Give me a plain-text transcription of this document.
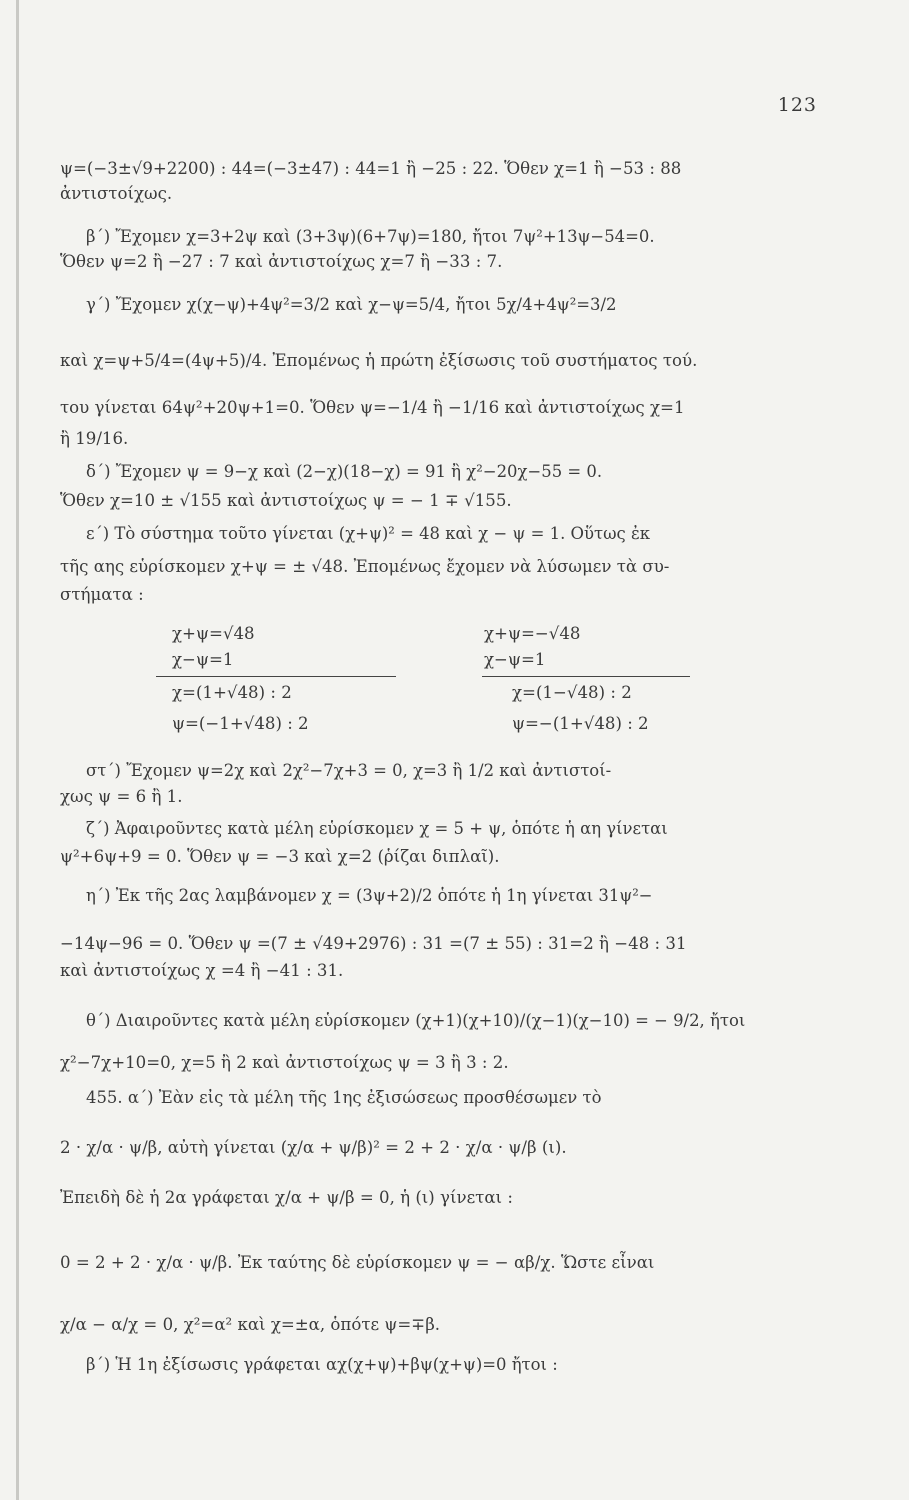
123
ψ=(−3±√9+2200) : 44=(−3±47) : 44=1 ἢ −25 : 22. Ὅθεν χ=1 ἢ −53 : 88
ἀντιστοίχως.
β΄) Ἔχομεν χ=3+2ψ καὶ (3+3ψ)(6+7ψ)=180, ἤτοι 7ψ²+13ψ−54=0.
Ὅθεν ψ=2 ἢ −27 : 7 καὶ ἀντιστοίχως χ=7 ἢ −33 : 7.
γ΄) Ἔχομεν χ(χ−ψ)+4ψ²=3/2 καὶ χ−ψ=5/4, ἤτοι 5χ/4+4ψ²=3/2
καὶ χ=ψ+5/4=(4ψ+5)/4. Ἐπομένως ἡ πρώτη ἐξίσωσις τοῦ συστήματος τού.
του γίνεται 64ψ²+20ψ+1=0. Ὅθεν ψ=−1/4 ἢ −1/16 καὶ ἀντιστοίχως χ=1
ἢ 19/16.
δ΄) Ἔχομεν ψ = 9−χ καὶ (2−χ)(18−χ) = 91 ἢ χ²−20χ−55 = 0.
Ὅθεν χ=10 ± √155 καὶ ἀντιστοίχως ψ = − 1 ∓ √155.
ε΄) Τὸ σύστημα τοῦτο γίνεται (χ+ψ)² = 48 καὶ χ − ψ = 1. Οὕτως ἐκ
τῆς αης εὑρίσκομεν χ+ψ = ± √48. Ἐπομένως ἔχομεν νὰ λύσωμεν τὰ συ-
στήματα :
χ+ψ=√48
χ−ψ=1
χ=(1+√48) : 2
ψ=(−1+√48) : 2
χ+ψ=−√48
χ−ψ=1
χ=(1−√48) : 2
ψ=−(1+√48) : 2
στ΄) Ἔχομεν ψ=2χ καὶ 2χ²−7χ+3 = 0, χ=3 ἢ 1/2 καὶ ἀντιστοί-
χως ψ = 6 ἢ 1.
ζ΄) Ἀφαιροῦντες κατὰ μέλη εὑρίσκομεν χ = 5 + ψ, ὁπότε ἡ αη γίνεται
ψ²+6ψ+9 = 0. Ὅθεν ψ = −3 καὶ χ=2 (ῥίζαι διπλαῖ).
η΄) Ἐκ τῆς 2ας λαμβάνομεν χ = (3ψ+2)/2 ὁπότε ἡ 1η γίνεται 31ψ²−
−14ψ−96 = 0. Ὅθεν ψ =(7 ± √49+2976) : 31 =(7 ± 55) : 31=2 ἢ −48 : 31
καὶ ἀντιστοίχως χ =4 ἢ −41 : 31.
θ΄) Διαιροῦντες κατὰ μέλη εὑρίσκομεν (χ+1)(χ+10)/(χ−1)(χ−10) = − 9/2, ἤτοι
χ²−7χ+10=0, χ=5 ἢ 2 καὶ ἀντιστοίχως ψ = 3 ἢ 3 : 2.
455. α΄) Ἐὰν εἰς τὰ μέλη τῆς 1ης ἐξισώσεως προσθέσωμεν τὸ
2 · χ/α · ψ/β, αὐτὴ γίνεται (χ/α + ψ/β)² = 2 + 2 · χ/α · ψ/β (ι).
Ἐπειδὴ δὲ ἡ 2α γράφεται χ/α + ψ/β = 0, ἡ (ι) γίνεται :
0 = 2 + 2 · χ/α · ψ/β. Ἐκ ταύτης δὲ εὑρίσκομεν ψ = − αβ/χ. Ὥστε εἶναι
χ/α − α/χ = 0, χ²=α² καὶ χ=±α, ὁπότε ψ=∓β.
β΄) Ἡ 1η ἐξίσωσις γράφεται αχ(χ+ψ)+βψ(χ+ψ)=0 ἤτοι :
